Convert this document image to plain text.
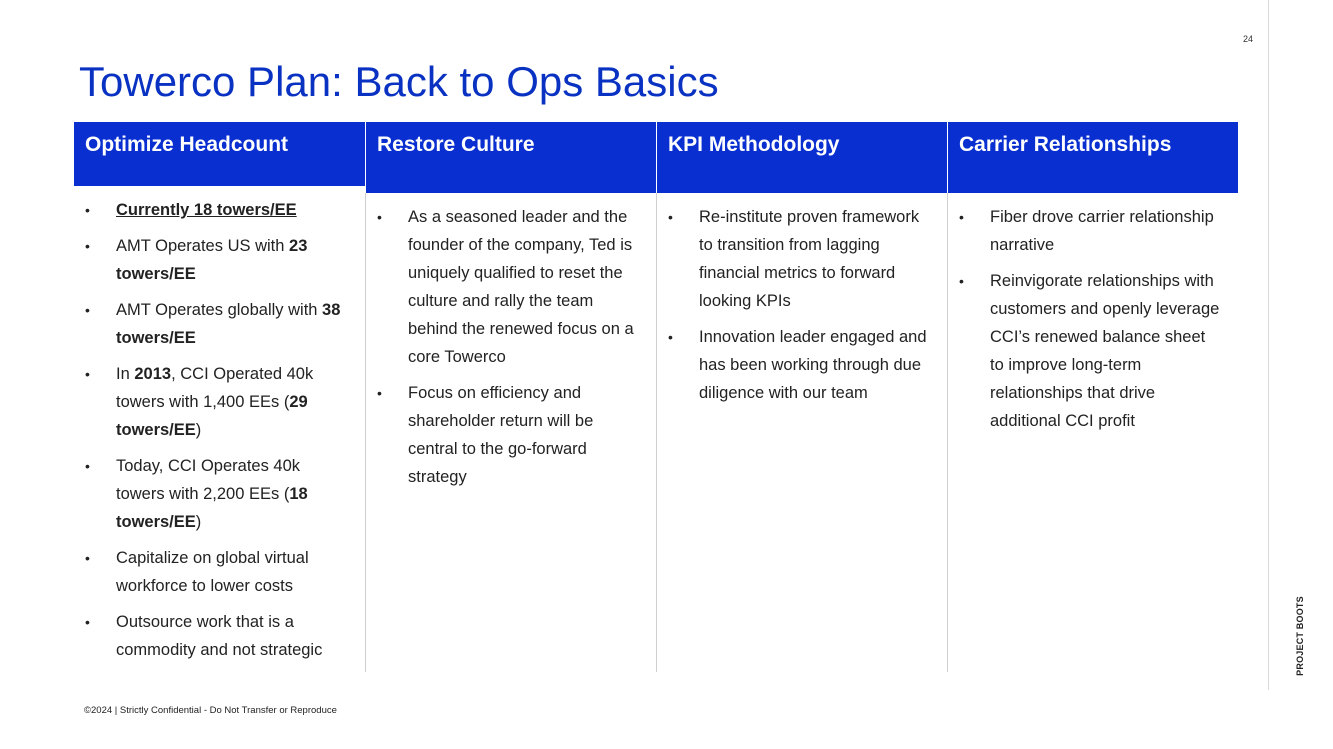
24
PROJECT BOOTS
Towerco Plan: Back to Ops Basics
Optimize Headcount
• Currently 18 towers/EE
• AMT Operates US with 23 towers/EE
• AMT Operates globally with 38 towers/EE
• In 2013, CCI Operated 40k towers with 1,400 EEs (29 towers/EE)
• Today, CCI Operates 40k towers with 2,200 EEs (18 towers/EE)
• Capitalize on global virtual workforce to lower costs
• Outsource work that is a commodity and not strategic
Restore Culture
• As a seasoned leader and the founder of the company, Ted is uniquely qualified to reset the culture and rally the team behind the renewed focus on a core Towerco
• Focus on efficiency and shareholder return will be central to the go-forward strategy
KPI Methodology
• Re-institute proven framework to transition from lagging financial metrics to forward looking KPIs
• Innovation leader engaged and has been working through due diligence with our team
Carrier Relationships
• Fiber drove carrier relationship narrative
• Reinvigorate relationships with customers and openly leverage CCI’s renewed balance sheet to improve long-term relationships that drive additional CCI profit
©2024 | Strictly Confidential - Do Not Transfer or Reproduce
